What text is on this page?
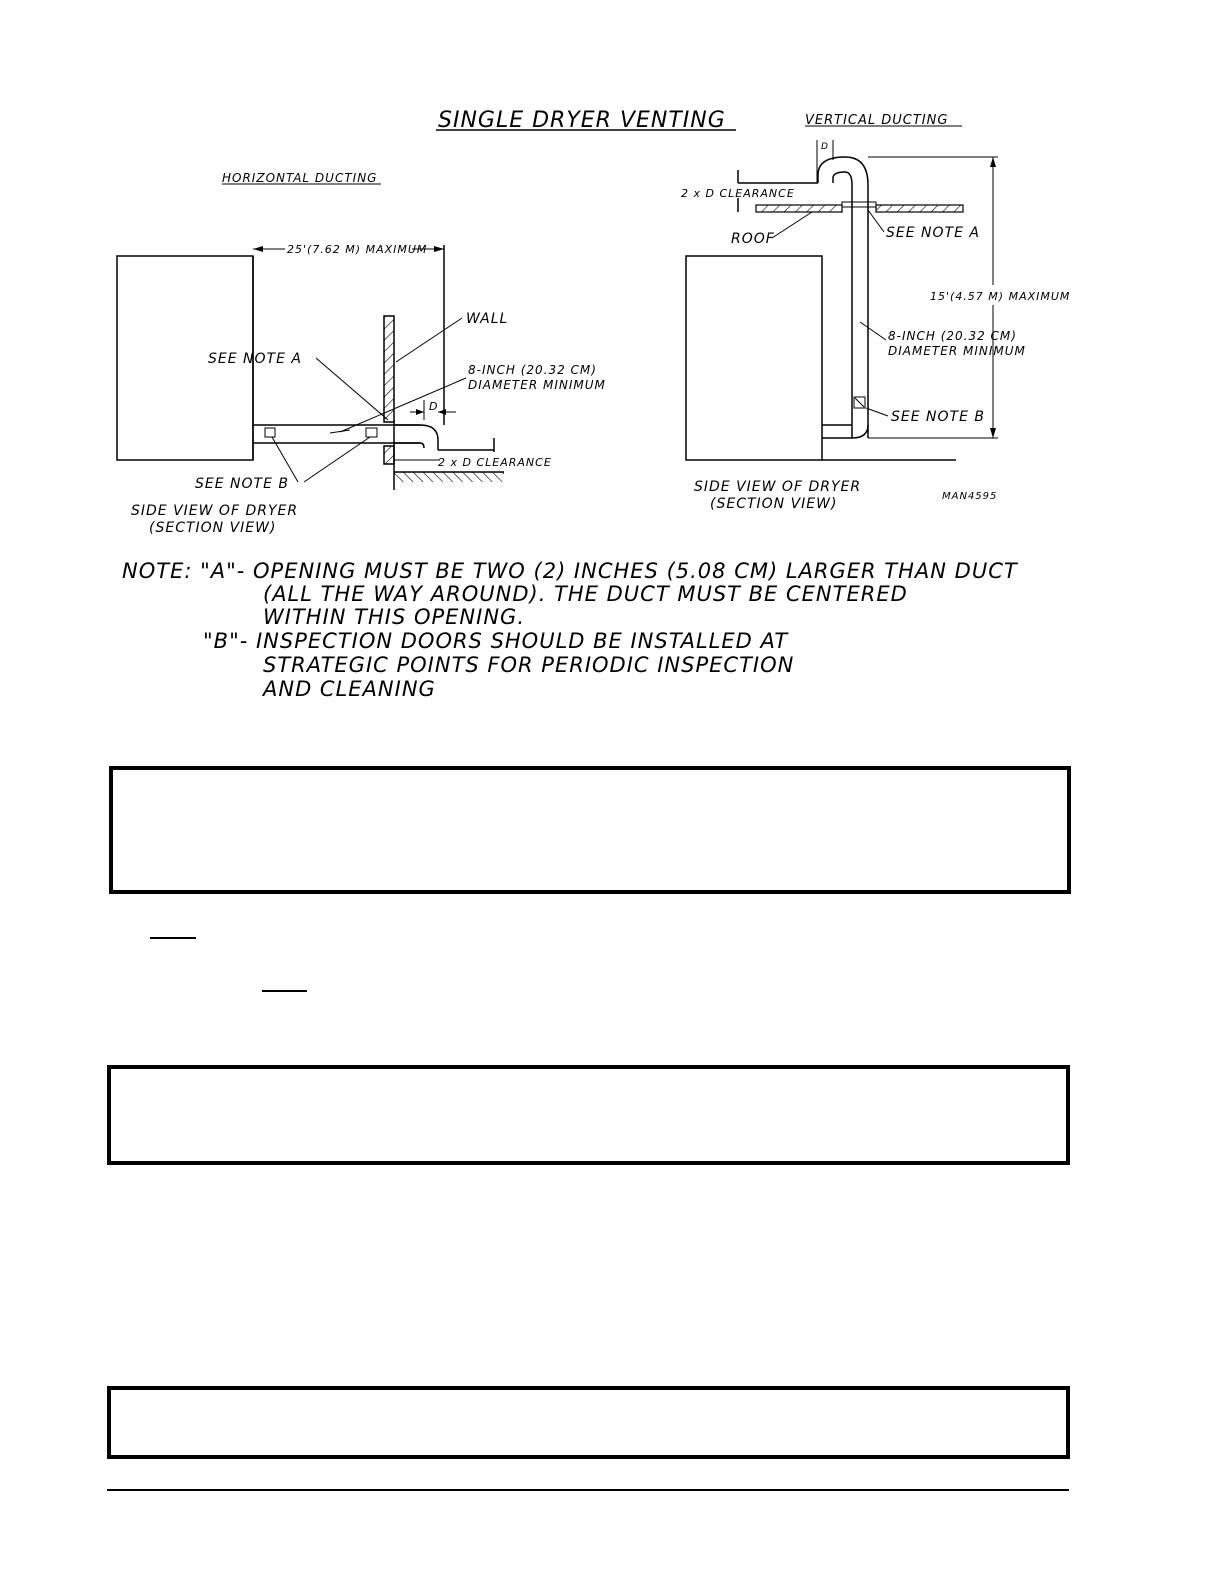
SINGLE DRYER VENTING
HORIZONTAL DUCTING
25'(7.62 M) MAXIMUM
D
2 x D CLEARANCE
WALL
SEE NOTE A
8-INCH (20.32 CM)
DIAMETER MINIMUM
SEE NOTE B
SIDE VIEW OF DRYER
(SECTION VIEW)
VERTICAL DUCTING
D
2 x D CLEARANCE
ROOF	SEE NOTE A
15'(4.57 M) MAXIMUM
8-INCH (20.32 CM)
DIAMETER MINIMUM
SEE NOTE B
SIDE VIEW OF DRYER
(SECTION VIEW)	MAN4595
NOTE: "A"- OPENING MUST BE TWO (2) INCHES (5.08 CM) LARGER THAN DUCT
(ALL THE WAY AROUND). THE DUCT MUST BE CENTERED
WITHIN THIS OPENING.
"B"- INSPECTION DOORS SHOULD BE INSTALLED AT
STRATEGIC POINTS FOR PERIODIC INSPECTION
AND CLEANING
